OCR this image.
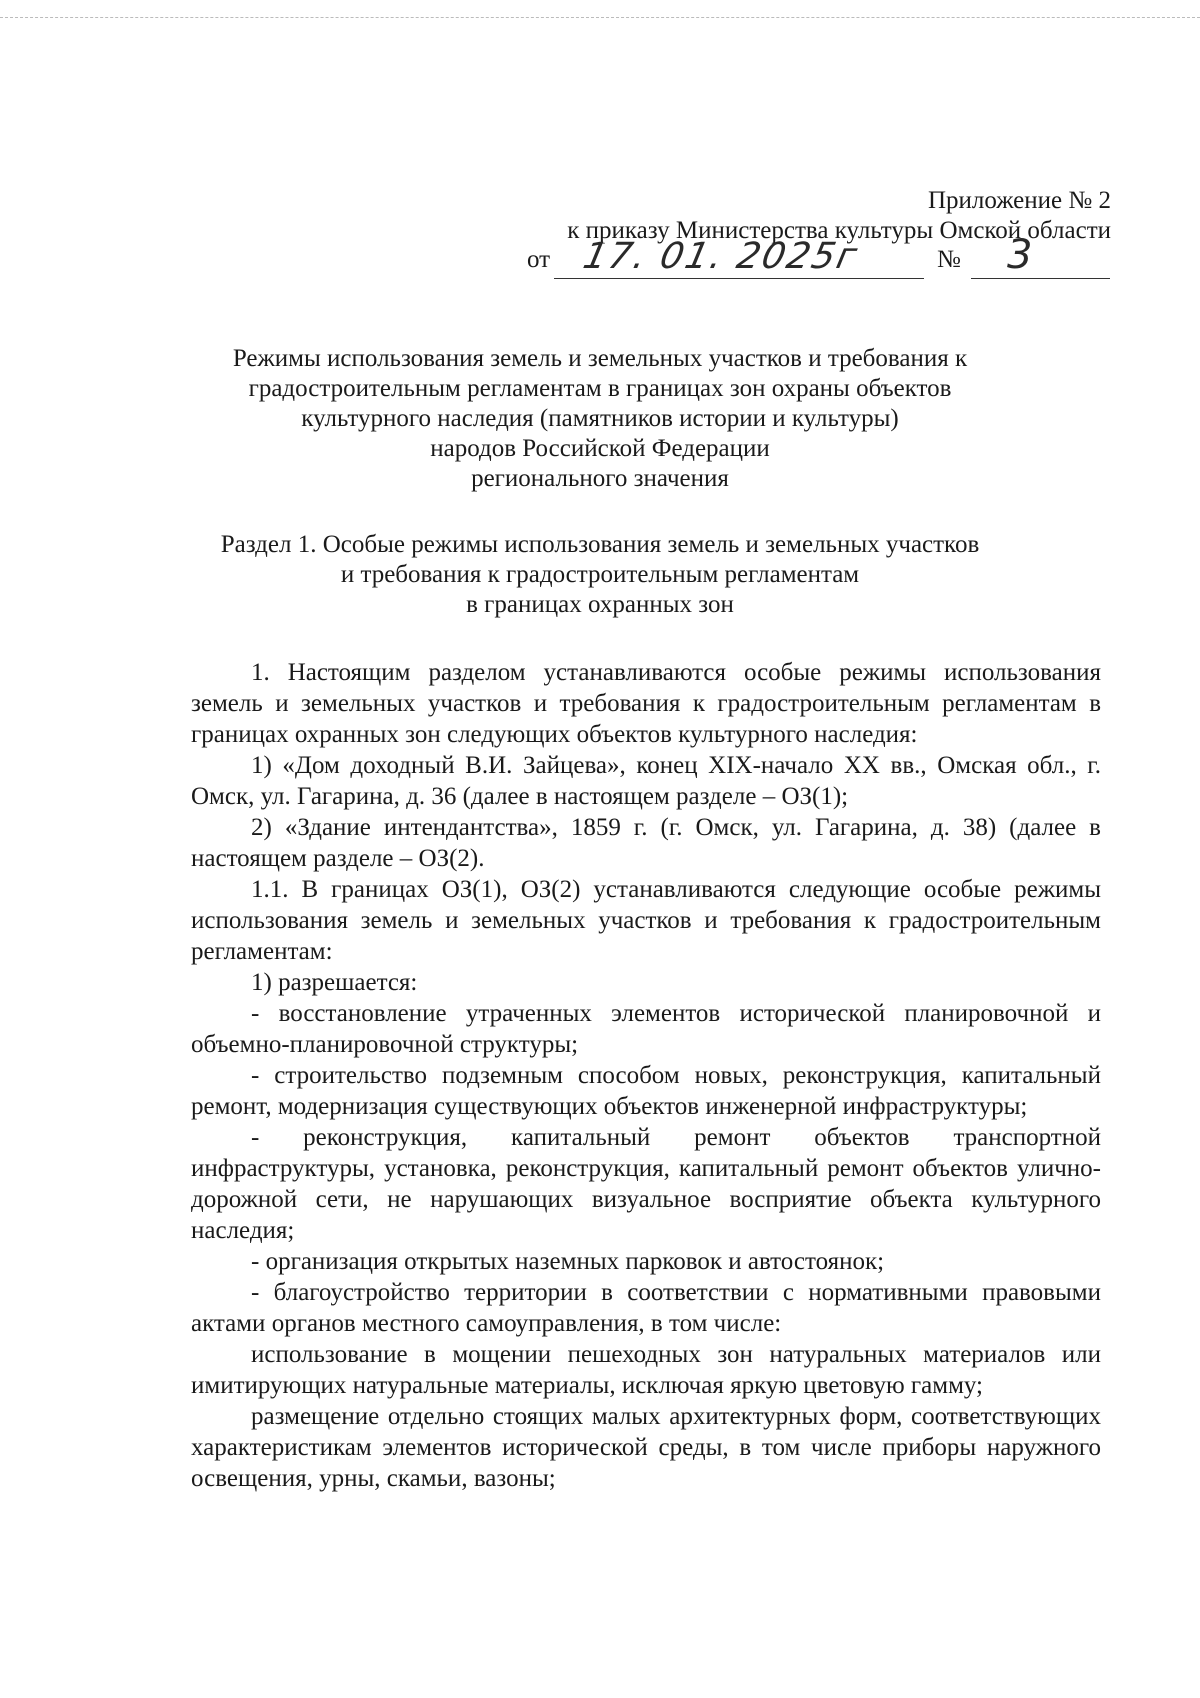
Приложение № 2
к приказу Министерства культуры Омской области
от 17. 01. 2025г	№ 3
Режимы использования земель и земельных участков и требования к
градостроительным регламентам в границах зон охраны объектов
культурного наследия (памятников истории и культуры)
народов Российской Федерации
регионального значения
Раздел 1. Особые режимы использования земель и земельных участков
и требования к градостроительным регламентам
в границах охранных зон

1. Настоящим разделом устанавливаются особые режимы использования земель и земельных участков и требования к градостроительным регламентам в границах охранных зон следующих объектов культурного наследия:

1) «Дом доходный В.И. Зайцева», конец XIX-начало XX вв., Омская обл., г. Омск, ул. Гагарина, д. 36 (далее в настоящем разделе – ОЗ(1);

2) «Здание интендантства», 1859 г. (г. Омск, ул. Гагарина, д. 38) (далее в настоящем разделе – ОЗ(2).

1.1. В границах ОЗ(1), ОЗ(2) устанавливаются следующие особые режимы использования земель и земельных участков и требования к градостроительным регламентам:

1) разрешается:

- восстановление утраченных элементов исторической планировочной и объемно-планировочной структуры;

- строительство подземным способом новых, реконструкция, капитальный ремонт, модернизация существующих объектов инженерной инфраструктуры;

- реконструкция, капитальный ремонт объектов транспортной инфраструктуры, установка, реконструкция, капитальный ремонт объектов улично-дорожной сети, не нарушающих визуальное восприятие объекта культурного наследия;

- организация открытых наземных парковок и автостоянок;

- благоустройство территории в соответствии с нормативными правовыми актами органов местного самоуправления, в том числе:

использование в мощении пешеходных зон натуральных материалов или имитирующих натуральные материалы, исключая яркую цветовую гамму;

размещение отдельно стоящих малых архитектурных форм, соответствующих характеристикам элементов исторической среды, в том числе приборы наружного освещения, урны, скамьи, вазоны;
